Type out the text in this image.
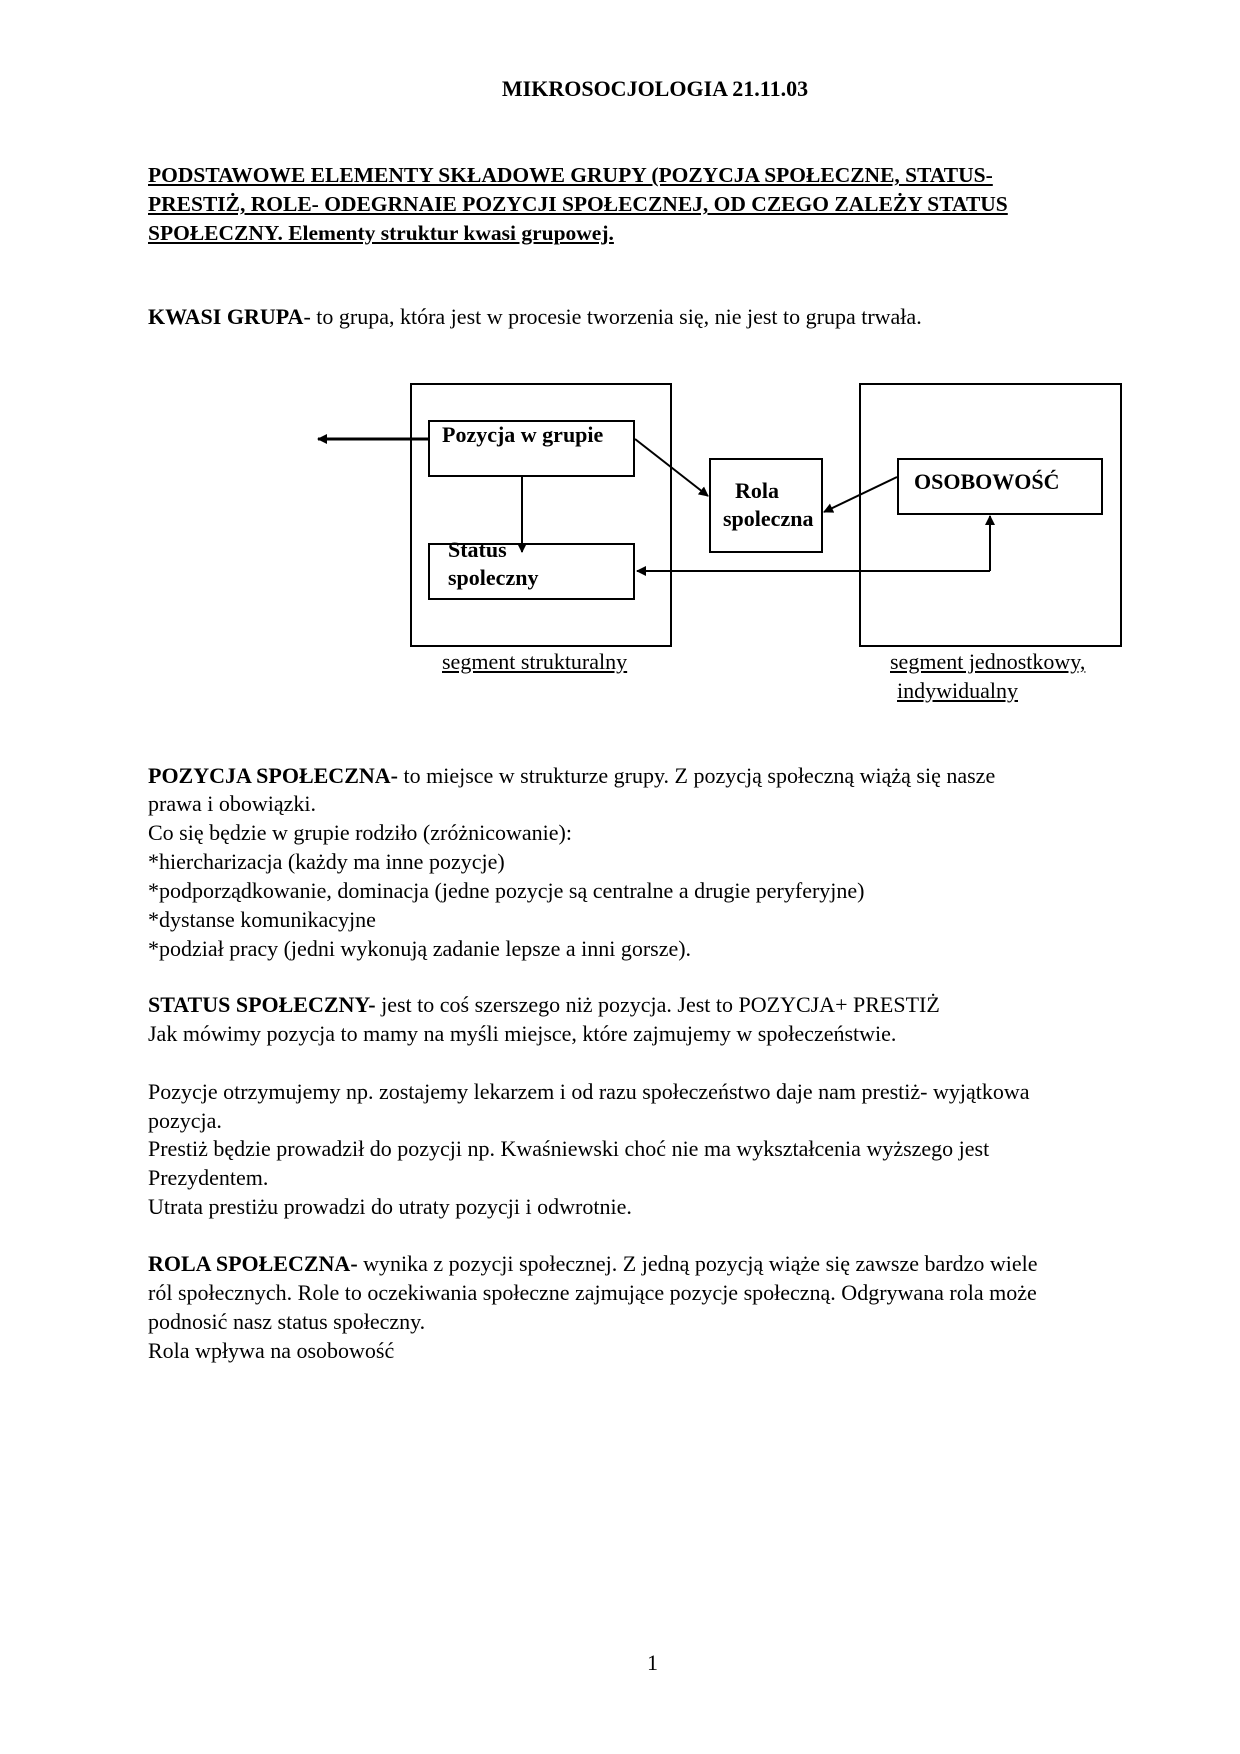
MIKROSOCJOLOGIA 21.11.03
PODSTAWOWE ELEMENTY SKŁADOWE GRUPY (POZYCJA SPOŁECZNE, STATUS-
PRESTIŻ, ROLE- ODEGRNAIE POZYCJI SPOŁECZNEJ, OD CZEGO ZALEŻY STATUS
SPOŁECZNY. Elementy struktur kwasi grupowej.
KWASI GRUPA- to grupa, która jest w procesie tworzenia się, nie jest to grupa trwała.
Pozycja w grupie
Status
spoleczny
Rola
spoleczna
OSOBOWOŚĆ
segment strukturalny	segment jednostkowy,
indywidualny
POZYCJA SPOŁECZNA- to miejsce w strukturze grupy. Z pozycją społeczną wiążą się nasze
prawa i obowiązki.
Co się będzie w grupie rodziło (zróżnicowanie):
*hiercharizacja (każdy ma inne pozycje)
*podporządkowanie, dominacja (jedne pozycje są centralne a drugie peryferyjne)
*dystanse komunikacyjne
*podział pracy (jedni wykonują zadanie lepsze a inni gorsze).
STATUS SPOŁECZNY- jest to coś szerszego niż pozycja. Jest to POZYCJA+ PRESTIŻ
Jak mówimy pozycja to mamy na myśli miejsce, które zajmujemy w społeczeństwie.
Pozycje otrzymujemy np. zostajemy lekarzem i od razu społeczeństwo daje nam prestiż- wyjątkowa
pozycja.
Prestiż będzie prowadził do pozycji np. Kwaśniewski choć nie ma wykształcenia wyższego jest
Prezydentem.
Utrata prestiżu prowadzi do utraty pozycji i odwrotnie.
ROLA SPOŁECZNA- wynika z pozycji społecznej. Z jedną pozycją wiąże się zawsze bardzo wiele
ról społecznych. Role to oczekiwania społeczne zajmujące pozycje społeczną. Odgrywana rola może
podnosić nasz status społeczny.
Rola wpływa na osobowość
1
